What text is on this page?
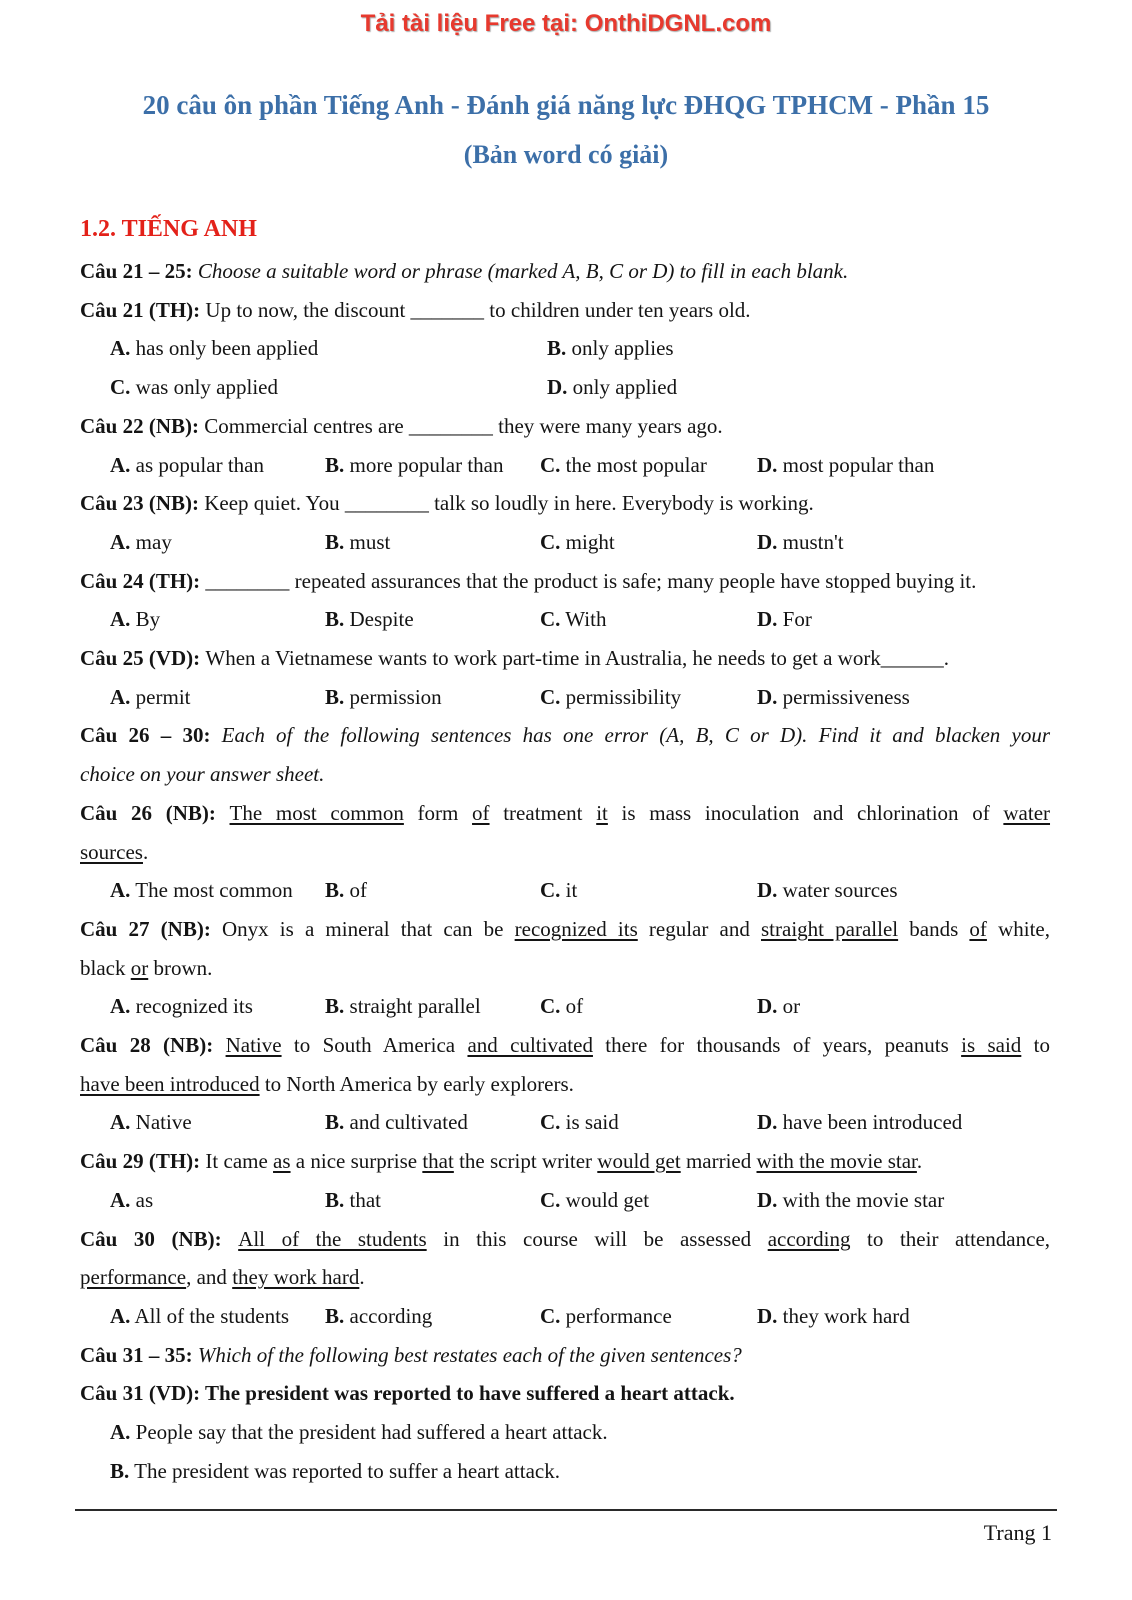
Tải tài liệu Free tại: OnthiDGNL.com
20 câu ôn phần Tiếng Anh - Đánh giá năng lực ĐHQG TPHCM - Phần 15
(Bản word có giải)
1.2. TIẾNG ANH

Câu 21 – 25: Choose a suitable word or phrase (marked A, B, C or D) to fill in each blank.

Câu 21 (TH): Up to now, the discount _______ to children under ten years old.

A. has only been applied	B. only applies
C. was only applied	D. only applied

Câu 22 (NB): Commercial centres are ________ they were many years ago.

A. as popular than	B. more popular than	C. the most popular	D. most popular than

Câu 23 (NB): Keep quiet. You ________ talk so loudly in here. Everybody is working.

A. may	B. must	C. might	D. mustn't

Câu 24 (TH): ________ repeated assurances that the product is safe; many people have stopped buying it.

A. By	B. Despite	C. With	D. For

Câu 25 (VD): When a Vietnamese wants to work part-time in Australia, he needs to get a work______.

A. permit	B. permission	C. permissibility	D. permissiveness

Câu 26 – 30: Each of the following sentences has one error (A, B, C or D). Find it and blacken your

choice on your answer sheet.

Câu 26 (NB): The most common form of treatment it is mass inoculation and chlorination of water

sources.

A. The most common	B. of	C. it	D. water sources

Câu 27 (NB): Onyx is a mineral that can be recognized its regular and straight parallel bands of white,

black or brown.

A. recognized its	B. straight parallel	C. of	D. or

Câu 28 (NB): Native to South America and cultivated there for thousands of years, peanuts is said to

have been introduced to North America by early explorers.

A. Native	B. and cultivated	C. is said	D. have been introduced

Câu 29 (TH): It came as a nice surprise that the script writer would get married with the movie star.

A. as	B. that	C. would get	D. with the movie star

Câu 30 (NB): All of the students in this course will be assessed according to their attendance,

performance, and they work hard.

A. All of the students	B. according	C. performance	D. they work hard

Câu 31 – 35: Which of the following best restates each of the given sentences?

Câu 31 (VD): The president was reported to have suffered a heart attack.

A. People say that the president had suffered a heart attack.

B. The president was reported to suffer a heart attack.

Trang 1
